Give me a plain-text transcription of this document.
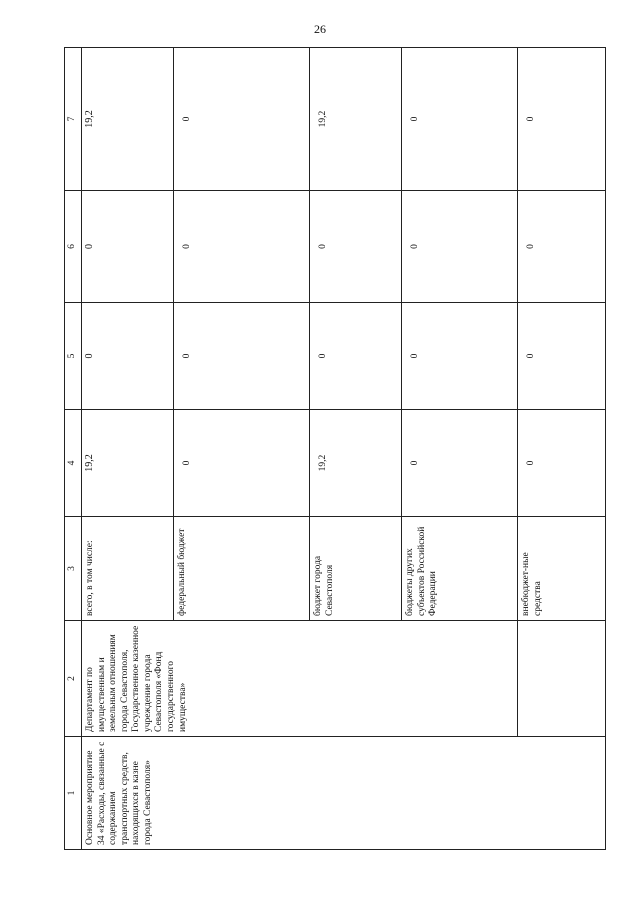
26
1	2	3	4	5	6	7
Основное мероприятие 34 «Расходы, связанные с содержанием транспортных средств, находящихся в казне города Севастополя»	Департамент по имущественным и земельным отношениям города Севастополя, Государственное казенное учреждение города Севастополя «Фонд государственного имущества»	всего, в том числе:	19,2	0	0	19,2
		федеральный бюджет	0	0	0	0
		бюджет города Севастополя	19,2	0	0	19,2
		бюджеты других субъектов Российской Федерации	0	0	0	0
		внебюджет-ные средства	0	0	0	0
